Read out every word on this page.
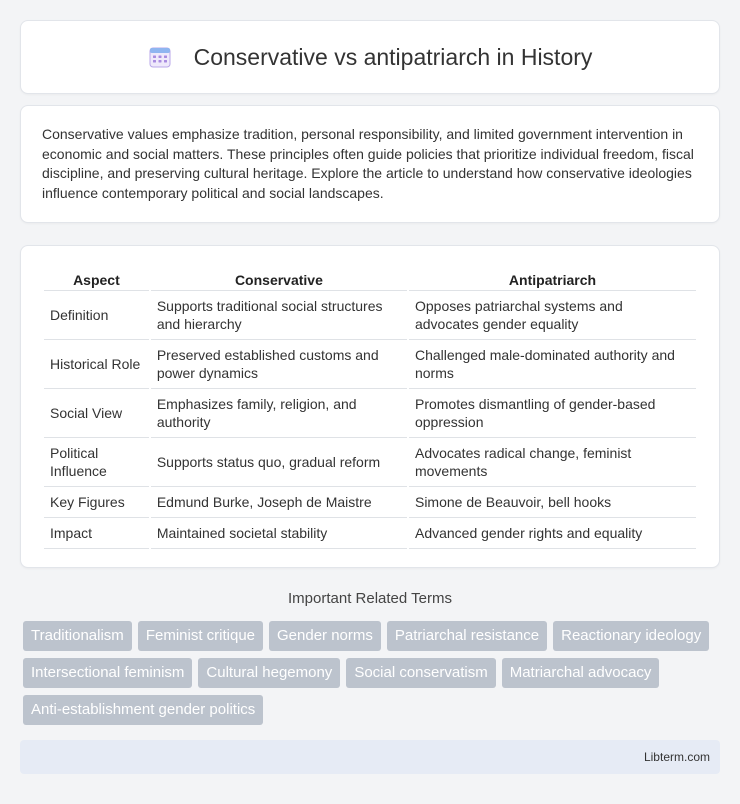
Conservative vs antipatriarch in History

Conservative values emphasize tradition, personal responsibility, and limited government intervention in economic and social matters. These principles often guide policies that prioritize individual freedom, fiscal discipline, and preserving cultural heritage. Explore the article to understand how conservative ideologies influence contemporary political and social landscapes.

Aspect	Conservative	Antipatriarch
Definition	Supports traditional social structures and hierarchy	Opposes patriarchal systems and advocates gender equality
Historical Role	Preserved established customs and power dynamics	Challenged male-dominated authority and norms
Social View	Emphasizes family, religion, and authority	Promotes dismantling of gender-based oppression
Political Influence	Supports status quo, gradual reform	Advocates radical change, feminist movements
Key Figures	Edmund Burke, Joseph de Maistre	Simone de Beauvoir, bell hooks
Impact	Maintained societal stability	Advanced gender rights and equality
Important Related Terms
Traditionalism	Feminist critique	Gender norms	Patriarchal resistance	Reactionary ideology
Intersectional feminism	Cultural hegemony	Social conservatism	Matriarchal advocacy
Anti-establishment gender politics
Libterm.com
